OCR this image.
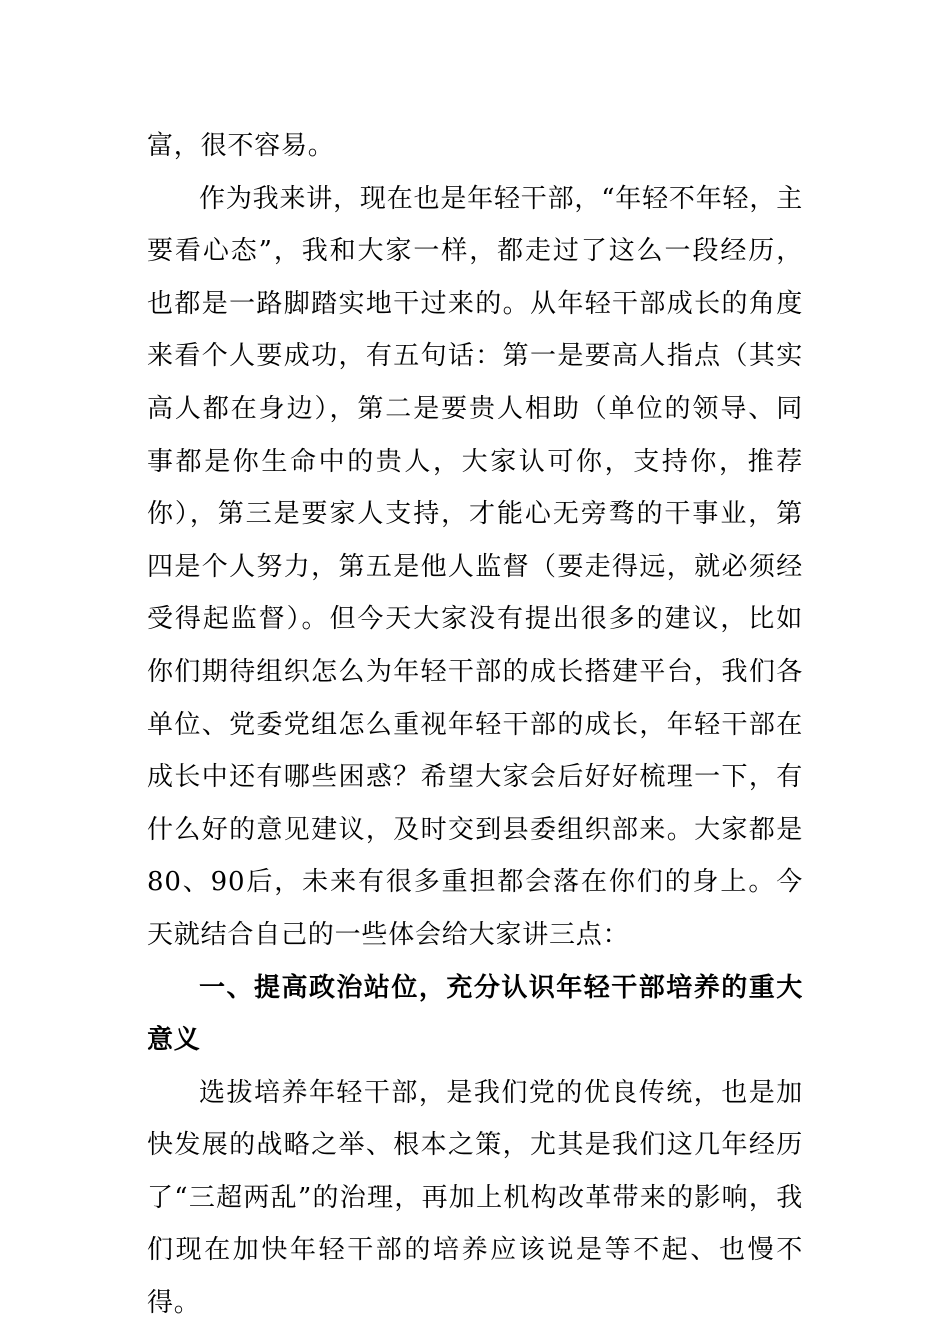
富，很不容易。

作为我来讲，现在也是年轻干部，“年轻不年轻，主要看心态”，我和大家一样，都走过了这么一段经历，也都是一路脚踏实地干过来的。从年轻干部成长的角度来看个人要成功，有五句话：第一是要高人指点（其实高人都在身边），第二是要贵人相助（单位的领导、同事都是你生命中的贵人，大家认可你，支持你，推荐你），第三是要家人支持，才能心无旁骛的干事业，第四是个人努力，第五是他人监督（要走得远，就必须经受得起监督）。但今天大家没有提出很多的建议，比如你们期待组织怎么为年轻干部的成长搭建平台，我们各单位、党委党组怎么重视年轻干部的成长，年轻干部在成长中还有哪些困惑？希望大家会后好好梳理一下，有什么好的意见建议，及时交到县委组织部来。大家都是80、90后，未来有很多重担都会落在你们的身上。今天就结合自己的一些体会给大家讲三点：

一、提高政治站位，充分认识年轻干部培养的重大意义

选拔培养年轻干部，是我们党的优良传统，也是加快发展的战略之举、根本之策，尤其是我们这几年经历了“三超两乱”的治理，再加上机构改革带来的影响，我们现在加快年轻干部的培养应该说是等不起、也慢不得。
